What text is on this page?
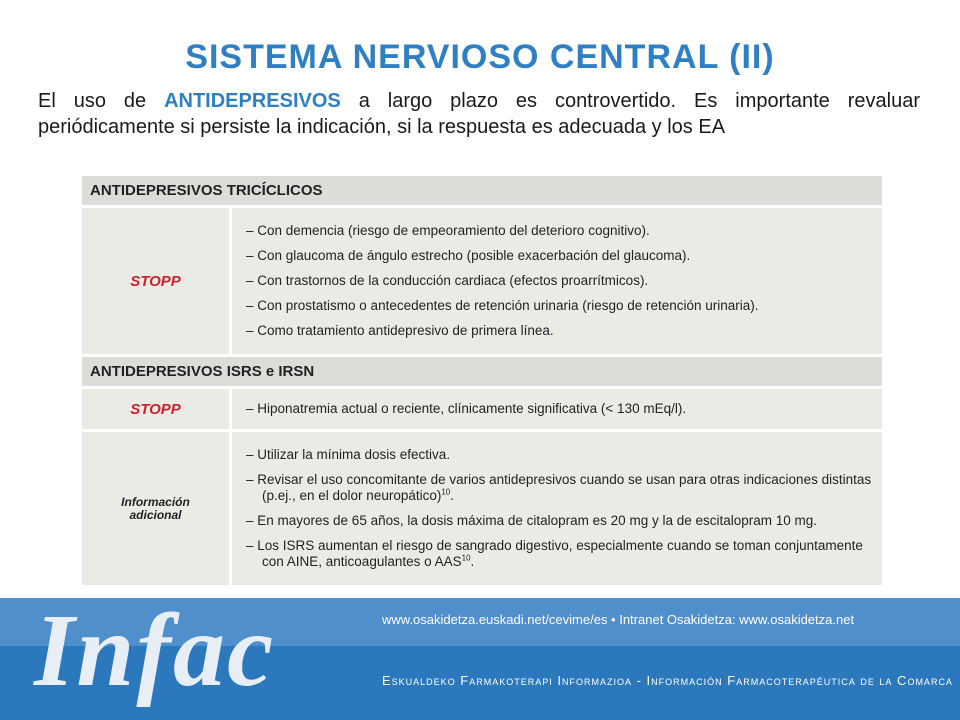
SISTEMA NERVIOSO CENTRAL (II)
El uso de ANTIDEPRESIVOS a largo plazo es controvertido. Es importante revaluar periódicamente si persiste la indicación, si la respuesta es adecuada y los EA
ANTIDEPRESIVOS TRICÍCLICOS
STOPP
– Con demencia (riesgo de empeoramiento del deterioro cognitivo).
– Con glaucoma de ángulo estrecho (posible exacerbación del glaucoma).
– Con trastornos de la conducción cardiaca (efectos proarrítmicos).
– Con prostatismo o antecedentes de retención urinaria (riesgo de retención urinaria).
– Como tratamiento antidepresivo de primera línea.
ANTIDEPRESIVOS ISRS e IRSN
STOPP	– Hiponatremia actual o reciente, clínicamente significativa (< 130 mEq/l).
Información
adicional
– Utilizar la mínima dosis efectiva.
– Revisar el uso concomitante de varios antidepresivos cuando se usan para otras indicaciones distintas (p.ej., en el dolor neuropático)$^{10}$.
– En mayores de 65 años, la dosis máxima de citalopram es 20 mg y la de escitalopram 10 mg.
– Los ISRS aumentan el riesgo de sangrado digestivo, especialmente cuando se toman conjuntamente con AINE, anticoagulantes o AAS$^{10}$.
Infac	www.osakidetza.euskadi.net/cevime/es • Intranet Osakidetza: www.osakidetza.net
Eskualdeko Farmakoterapi Informazioa - Información Farmacoterapéutica de la Comarca
